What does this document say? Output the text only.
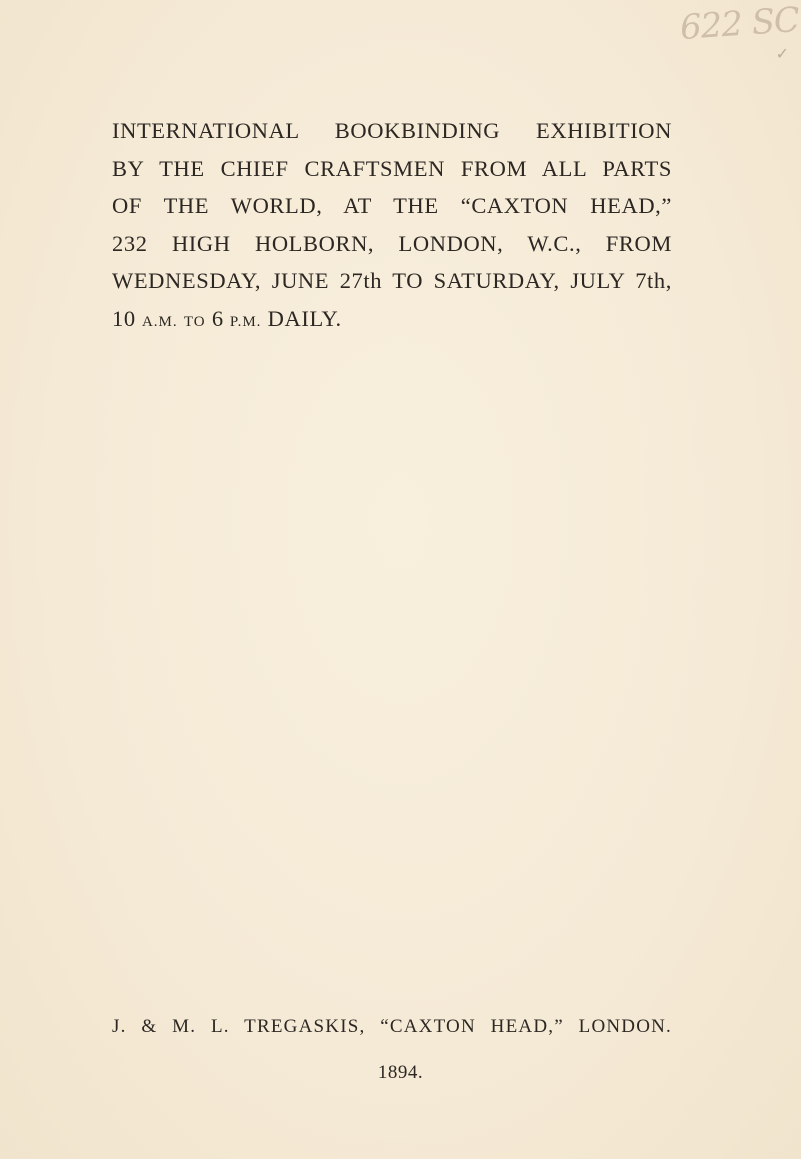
622 SC
✓
INTERNATIONAL BOOKBINDING EXHIBITION
BY THE CHIEF CRAFTSMEN FROM ALL PARTS
OF THE WORLD, AT THE “CAXTON HEAD,”
232 HIGH HOLBORN, LONDON, W.C., FROM
WEDNESDAY, JUNE 27th TO SATURDAY, JULY 7th,
10 A.M. TO 6 P.M. DAILY.
J. & M. L. TREGASKIS, “CAXTON HEAD,” LONDON.
1894.
